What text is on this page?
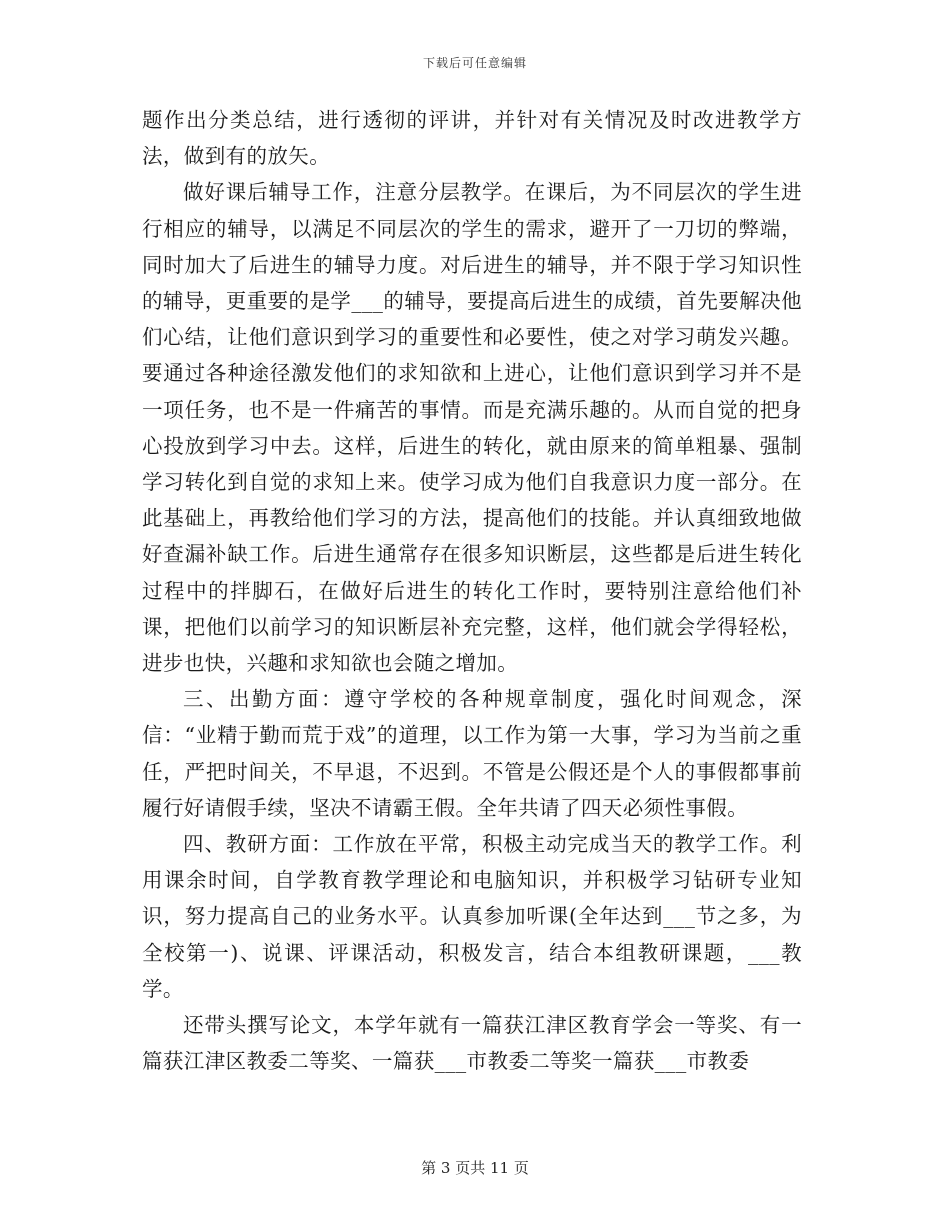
下载后可任意编辑

题作出分类总结，进行透彻的评讲，并针对有关情况及时改进教学方法，做到有的放矢。

做好课后辅导工作，注意分层教学。在课后，为不同层次的学生进行相应的辅导，以满足不同层次的学生的需求，避开了一刀切的弊端，同时加大了后进生的辅导力度。对后进生的辅导，并不限于学习知识性的辅导，更重要的是学___的辅导，要提高后进生的成绩，首先要解决他们心结，让他们意识到学习的重要性和必要性，使之对学习萌发兴趣。要通过各种途径激发他们的求知欲和上进心，让他们意识到学习并不是一项任务，也不是一件痛苦的事情。而是充满乐趣的。从而自觉的把身心投放到学习中去。这样，后进生的转化，就由原来的简单粗暴、强制学习转化到自觉的求知上来。使学习成为他们自我意识力度一部分。在此基础上，再教给他们学习的方法，提高他们的技能。并认真细致地做好查漏补缺工作。后进生通常存在很多知识断层，这些都是后进生转化过程中的拌脚石，在做好后进生的转化工作时，要特别注意给他们补课，把他们以前学习的知识断层补充完整，这样，他们就会学得轻松，进步也快，兴趣和求知欲也会随之增加。

三、出勤方面：遵守学校的各种规章制度，强化时间观念，深信：“业精于勤而荒于戏”的道理，以工作为第一大事，学习为当前之重任，严把时间关，不早退，不迟到。不管是公假还是个人的事假都事前履行好请假手续，坚决不请霸王假。全年共请了四天必须性事假。

四、教研方面：工作放在平常，积极主动完成当天的教学工作。利用课余时间，自学教育教学理论和电脑知识，并积极学习钻研专业知识，努力提高自己的业务水平。认真参加听课(全年达到___节之多，为全校第一)、说课、评课活动，积极发言，结合本组教研课题，___教学。

还带头撰写论文，本学年就有一篇获江津区教育学会一等奖、有一篇获江津区教委二等奖、一篇获___市教委二等奖一篇获___市教委

第 3 页共 11 页
